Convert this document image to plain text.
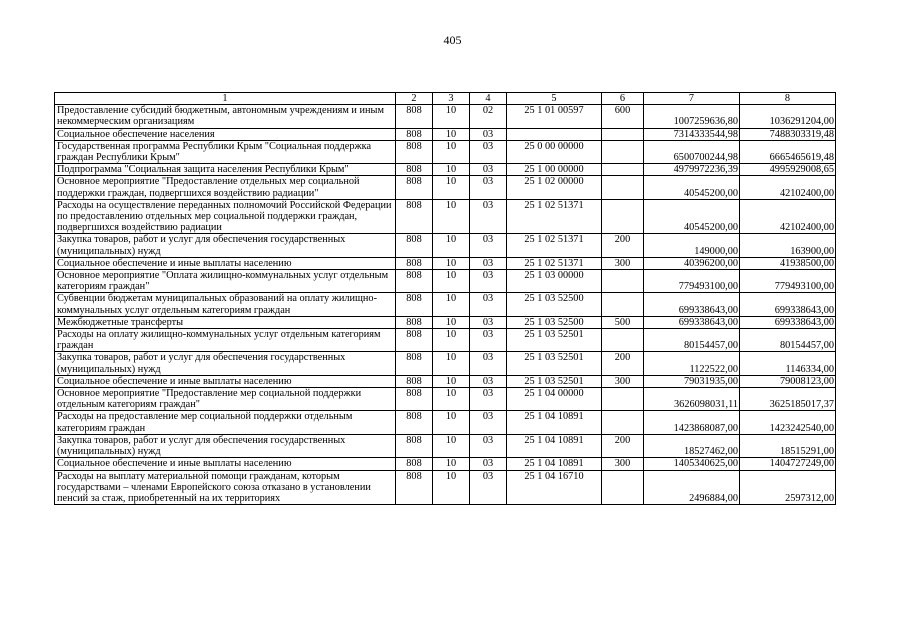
405
1	2	3	4	5	6	7	8
Предоставление субсидий бюджетным, автономным учреждениям и иным некоммерческим организациям	808	10	02	25 1 01 00597	600	1007259636,80	1036291204,00
Социальное обеспечение населения	808	10	03			7314333544,98	7488303319,48
Государственная программа Республики Крым "Социальная поддержка граждан Республики Крым"	808	10	03	25 0 00 00000		6500700244,98	6665465619,48
Подпрограмма "Социальная защита населения Республики Крым"	808	10	03	25 1 00 00000		4979972236,39	4995929008,65
Основное мероприятие "Предоставление отдельных мер социальной поддержки граждан, подвергшихся воздействию радиации"	808	10	03	25 1 02 00000		40545200,00	42102400,00
Расходы на осуществление переданных полномочий Российской Федерации по предоставлению отдельных мер социальной поддержки граждан, подвергшихся воздействию радиации	808	10	03	25 1 02 51371		40545200,00	42102400,00
Закупка товаров, работ и услуг для обеспечения государственных (муниципальных) нужд	808	10	03	25 1 02 51371	200	149000,00	163900,00
Социальное обеспечение и иные выплаты населению	808	10	03	25 1 02 51371	300	40396200,00	41938500,00
Основное мероприятие "Оплата жилищно-коммунальных услуг отдельным категориям граждан"	808	10	03	25 1 03 00000		779493100,00	779493100,00
Субвенции бюджетам муниципальных образований на оплату жилищно-коммунальных услуг отдельным категориям граждан	808	10	03	25 1 03 52500		699338643,00	699338643,00
Межбюджетные трансферты	808	10	03	25 1 03 52500	500	699338643,00	699338643,00
Расходы на оплату жилищно-коммунальных услуг отдельным категориям граждан	808	10	03	25 1 03 52501		80154457,00	80154457,00
Закупка товаров, работ и услуг для обеспечения государственных (муниципальных) нужд	808	10	03	25 1 03 52501	200	1122522,00	1146334,00
Социальное обеспечение и иные выплаты населению	808	10	03	25 1 03 52501	300	79031935,00	79008123,00
Основное мероприятие "Предоставление мер социальной поддержки отдельным категориям граждан"	808	10	03	25 1 04 00000		3626098031,11	3625185017,37
Расходы на предоставление мер социальной поддержки отдельным категориям граждан	808	10	03	25 1 04 10891		1423868087,00	1423242540,00
Закупка товаров, работ и услуг для обеспечения государственных (муниципальных) нужд	808	10	03	25 1 04 10891	200	18527462,00	18515291,00
Социальное обеспечение и иные выплаты населению	808	10	03	25 1 04 10891	300	1405340625,00	1404727249,00
Расходы на выплату материальной помощи гражданам, которым государствами – членами Европейского союза отказано в установлении пенсий за стаж, приобретенный на их территориях	808	10	03	25 1 04 16710		2496884,00	2597312,00
